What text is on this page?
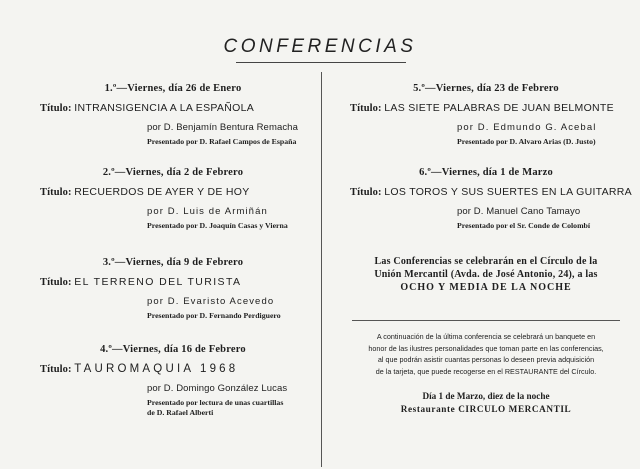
CONFERENCIAS
1.º—Viernes, día 26 de Enero
Título: INTRANSIGENCIA A LA ESPAÑOLA
por D. Benjamín Bentura Remacha
Presentado por D. Rafael Campos de España
2.º—Viernes, día 2 de Febrero
Título: RECUERDOS DE AYER Y DE HOY
por D. Luis de Armiñán
Presentado por D. Joaquín Casas y Vierna
3.º—Viernes, día 9 de Febrero
Título: EL TERRENO DEL TURISTA
por D. Evaristo Acevedo
Presentado por D. Fernando Perdiguero
4.º—Viernes, día 16 de Febrero
Título: TAUROMAQUIA 1968
por D. Domingo González Lucas
Presentado por lectura de unas cuartillas
de D. Rafael Alberti
5.º—Viernes, día 23 de Febrero
Título: LAS SIETE PALABRAS DE JUAN BELMONTE
por D. Edmundo G. Acebal
Presentado por D. Alvaro Arias (D. Justo)
6.º—Viernes, día 1 de Marzo
Título: LOS TOROS Y SUS SUERTES EN LA GUITARRA
por D. Manuel Cano Tamayo
Presentado por el Sr. Conde de Colombí
Las Conferencias se celebrarán en el Círculo de la
Unión Mercantil (Avda. de José Antonio, 24), a las
OCHO Y MEDIA DE LA NOCHE
A continuación de la última conferencia se celebrará un banquete en
honor de las ilustres personalidades que toman parte en las conferencias,
al que podrán asistir cuantas personas lo deseen previa adquisición
de la tarjeta, que puede recogerse en el RESTAURANTE del Círculo.
Día 1 de Marzo, diez de la noche
Restaurante CIRCULO MERCANTIL
